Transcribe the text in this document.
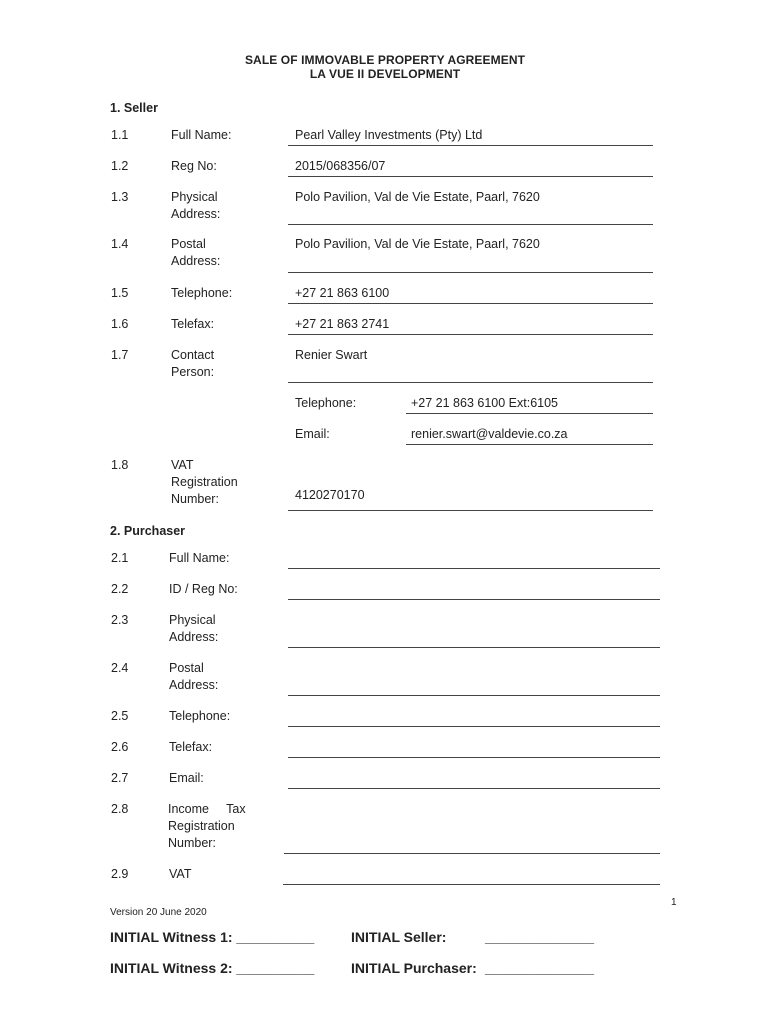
SALE OF IMMOVABLE PROPERTY AGREEMENT
LA VUE II DEVELOPMENT
1. Seller
1.1	Full Name:	Pearl Valley Investments (Pty) Ltd
1.2	Reg No:	2015/068356/07
1.3	Physical
Address:
Polo Pavilion, Val de Vie Estate, Paarl, 7620
1.4	Postal
Address:
Polo Pavilion, Val de Vie Estate, Paarl, 7620
1.5	Telephone:	+27 21 863 6100
1.6	Telefax:	+27 21 863 2741
1.7	Contact
Person:
Renier Swart
Telephone:	+27 21 863 6100 Ext:6105
Email:	renier.swart@valdevie.co.za
1.8	VAT
Registration
Number:	4120270170
2. Purchaser
2.1	Full Name:
2.2	ID / Reg No:
2.3	Physical
Address:
2.4	Postal
Address:
2.5	Telephone:
2.6	Telefax:
2.7	Email:
2.8	Income     Tax
Registration
Number:
2.9	VAT
1
Version 20 June 2020
INITIAL Witness 1: __________	INITIAL Seller:	______________
INITIAL Witness 2: __________	INITIAL Purchaser: ______________
